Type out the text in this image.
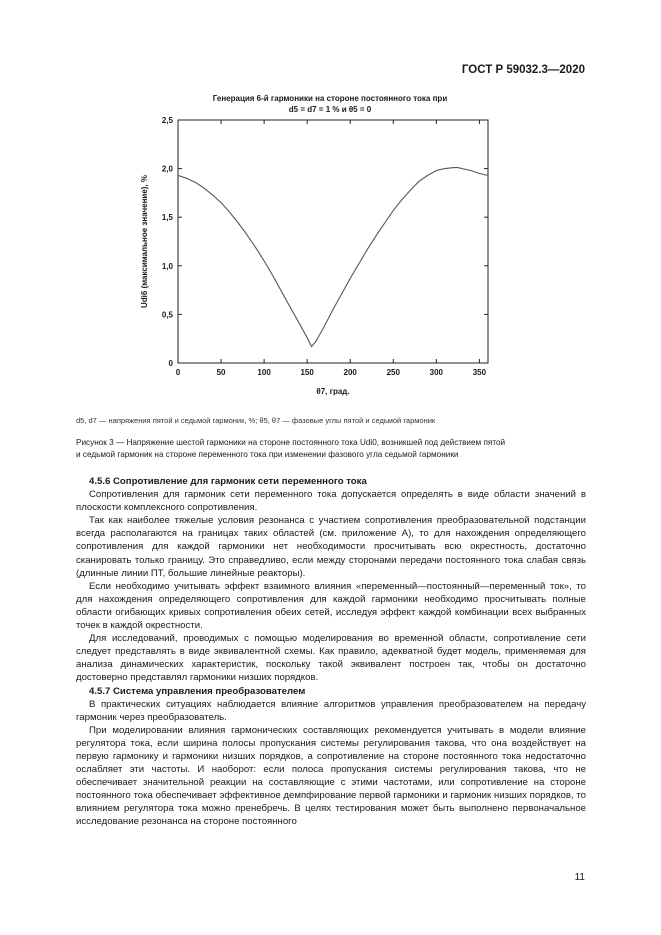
ГОСТ Р 59032.3—2020
Генерация 6-й гармоники на стороне постоянного тока при
d5 = d7 = 1 % и θ5 = 0
0	50	100	150	200	250	300	350
0
0,5
1,0
1,5
2,0
2,5
θ7, град.
Udi6 (максимальное значение), %
d5, d7 — напряжения пятой и седьмой гармоник, %; θ5, θ7 — фазовые углы пятой и седьмой гармоник
Рисунок 3 — Напряжение шестой гармоники на стороне постоянного тока Udi0, возникшей под действием пятой
и седьмой гармоник на стороне переменного тока при изменении фазового угла седьмой гармоники
4.5.6 Сопротивление для гармоник сети переменного тока

Сопротивления для гармоник сети переменного тока допускается определять в виде области значений в плоскости комплексного сопротивления.

Так как наиболее тяжелые условия резонанса с участием сопротивления преобразовательной подстанции всегда располагаются на границах таких областей (см. приложение А), то для нахождения определяющего сопротивления для каждой гармоники нет необходимости просчитывать всю окрестность, достаточно сканировать только границу. Это справедливо, если между сторонами передачи постоянного тока слабая связь (длинные линии ПТ, большие линейные реакторы).

Если необходимо учитывать эффект взаимного влияния «переменный—постоянный—переменный ток», то для нахождения определяющего сопротивления для каждой гармоники необходимо просчитывать полные области огибающих кривых сопротивления обеих сетей, исследуя эффект каждой комбинации всех выбранных точек в каждой окрестности.

Для исследований, проводимых с помощью моделирования во временной области, сопротивление сети следует представлять в виде эквивалентной схемы. Как правило, адекватной будет модель, применяемая для анализа динамических характеристик, поскольку такой эквивалент построен так, чтобы он достаточно достоверно представлял гармоники низших порядков.

4.5.7 Система управления преобразователем

В практических ситуациях наблюдается влияние алгоритмов управления преобразователем на передачу гармоник через преобразователь.

При моделировании влияния гармонических составляющих рекомендуется учитывать в модели влияние регулятора тока, если ширина полосы пропускания системы регулирования такова, что она воздействует на первую гармонику и гармоники низших порядков, а сопротивление на стороне постоянного тока недостаточно ослабляет эти частоты. И наоборот: если полоса пропускания системы регулирования такова, что не обеспечивает значительной реакции на составляющие с этими частотами, или сопротивление на стороне постоянного тока обеспечивает эффективное демпфирование первой гармоники и гармоник низших порядков, то влиянием регулятора тока можно пренебречь. В целях тестирования может быть выполнено первоначальное исследование резонанса на стороне постоянного

11
